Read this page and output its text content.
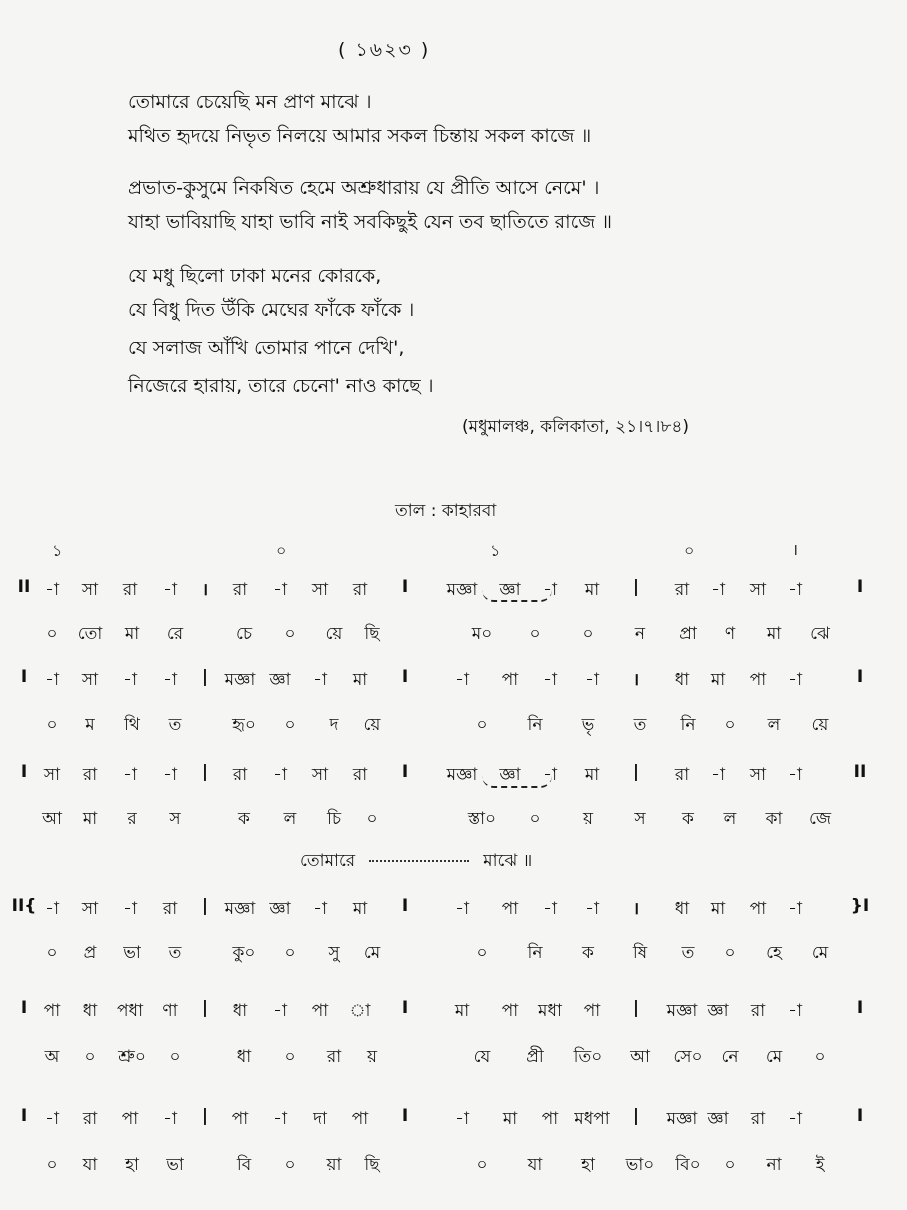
( ১৬২৩ )
তোমারে চেয়েছি মন প্রাণ মাঝে ।
মথিত হৃদয়ে নিভৃত নিলয়ে আমার সকল চিন্তায় সকল কাজে ॥
প্রভাত-কুসুমে নিকষিত হেমে অশ্রুধারায় যে প্রীতি আসে নেমে' ।
যাহা ভাবিয়াছি যাহা ভাবি নাই সবকিছুই যেন তব ছাতিতে রাজে ॥
যে মধু ছিলো ঢাকা মনের কোরকে,
যে বিধু দিত উঁকি মেঘের ফাঁকে ফাঁকে ।
যে সলাজ আঁখি তোমার পানে দেখি',
নিজেরে হারায়, তারে চেনো' নাও কাছে ।
(মধুমালঞ্চ, কলিকাতা, ২১।৭।৮৪)
তাল : কাহারবা
১	০	১	০	।
II -া সা রা -া । রা -া সা রা I মজ্ঞা জ্ঞা -া মা | রা -া সা -া	I
০ তো মা রে	চে ০ য়ে ছি	ম০ ০ ০ ন প্রা ণ মা ঝে
I -া সা -া -া | মজ্ঞা জ্ঞা -া মা I	-া পা -া -া । ধা মা পা -া	I
০ ম থি ত	হৃ০ ০ দ য়ে	০ নি ভৃ ত নি ০ ল য়ে
I সা রা -া -া | রা -া সা রা I মজ্ঞা জ্ঞা -া মা | রা -া সা -া	II
আ মা র স	ক ল চি ০	স্তা০ ০ য় স ক ল কা জে
তোমারে	মাঝে ॥
II{ -া সা -া রা | মজ্ঞা জ্ঞা -া মা I	-া পা -া -া । ধা মা পা -া	}I
০ প্র ভা ত	কু০ ০ সু মে	০ নি ক ষি ত ০ হে মে
I পা ধা পধা ণা | ধা -া পা া I	মা পা মধা পা | মজ্ঞা জ্ঞা রা -া	I
অ ০ শ্রু০ ০	ধা ০ রা য়	যে প্রী তি০ আ সে০ নে মে ০
I -া রা পা -া | পা -া দা পা I	-া মা পা মধপা | মজ্ঞা জ্ঞা রা -া	I
০ যা হা ভা	বি ০ য়া ছি	০ যা হা ভা০ বি০ ০ না ই
